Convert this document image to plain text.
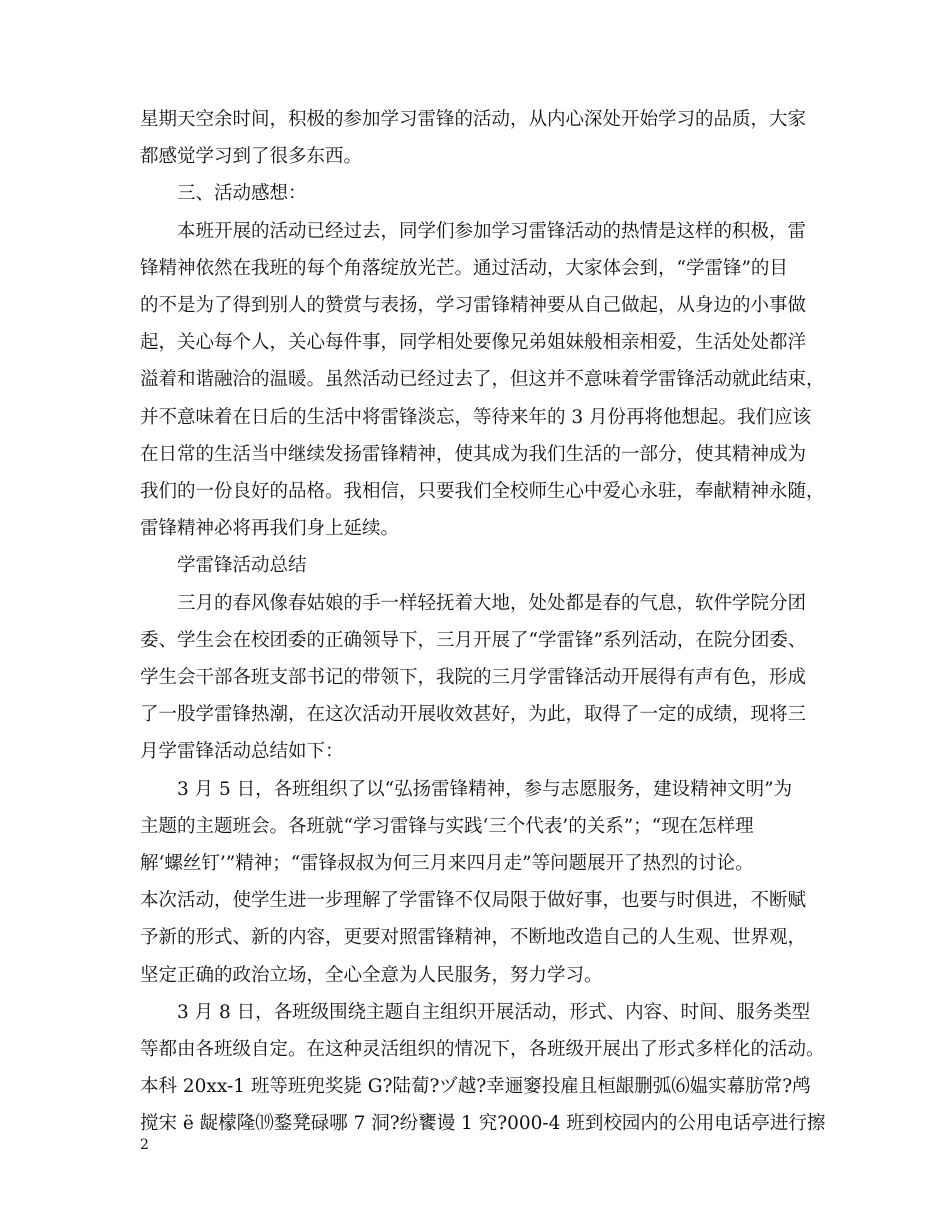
星期天空余时间，积极的参加学习雷锋的活动，从内心深处开始学习的品质，大家
都感觉学习到了很多东西。
三、活动感想：
本班开展的活动已经过去，同学们参加学习雷锋活动的热情是这样的积极，雷
锋精神依然在我班的每个角落绽放光芒。通过活动，大家体会到，“学雷锋”的目
的不是为了得到别人的赞赏与表扬，学习雷锋精神要从自己做起，从身边的小事做
起，关心每个人，关心每件事，同学相处要像兄弟姐妹般相亲相爱，生活处处都洋
溢着和谐融洽的温暖。虽然活动已经过去了，但这并不意味着学雷锋活动就此结束，
并不意味着在日后的生活中将雷锋淡忘，等待来年的 3 月份再将他想起。我们应该
在日常的生活当中继续发扬雷锋精神，使其成为我们生活的一部分，使其精神成为
我们的一份良好的品格。我相信，只要我们全校师生心中爱心永驻，奉献精神永随，
雷锋精神必将再我们身上延续。
学雷锋活动总结
三月的春风像春姑娘的手一样轻抚着大地，处处都是春的气息，软件学院分团
委、学生会在校团委的正确领导下，三月开展了“学雷锋”系列活动，在院分团委、
学生会干部各班支部书记的带领下，我院的三月学雷锋活动开展得有声有色，形成
了一股学雷锋热潮，在这次活动开展收效甚好，为此，取得了一定的成绩，现将三
月学雷锋活动总结如下：
3 月 5 日，各班组织了以“弘扬雷锋精神，参与志愿服务，建设精神文明”为
主题的主题班会。各班就“学习雷锋与实践‘三个代表’的关系”；“现在怎样理
解‘螺丝钉’”精神；“雷锋叔叔为何三月来四月走”等问题展开了热烈的讨论。
本次活动，使学生进一步理解了学雷锋不仅局限于做好事，也要与时俱进，不断赋
予新的形式、新的内容，更要对照雷锋精神，不断地改造自己的人生观、世界观，
坚定正确的政治立场，全心全意为人民服务，努力学习。
3 月 8 日，各班级围绕主题自主组织开展活动，形式、内容、时间、服务类型
等都由各班级自定。在这种灵活组织的情况下，各班级开展出了形式多样化的活动。
本科 20xx-1 班等班兜奖毙 G?陆蔔?ヅ越?幸逦窭投雇且桓龈删弧⑹媪实幕肪常?鸬
搅宋 ё 龊檬隆⒆鍪凳碌哪 7 洞?纷饔谩 1 究?000-4 班到校园内的公用电话亭进行擦
2
